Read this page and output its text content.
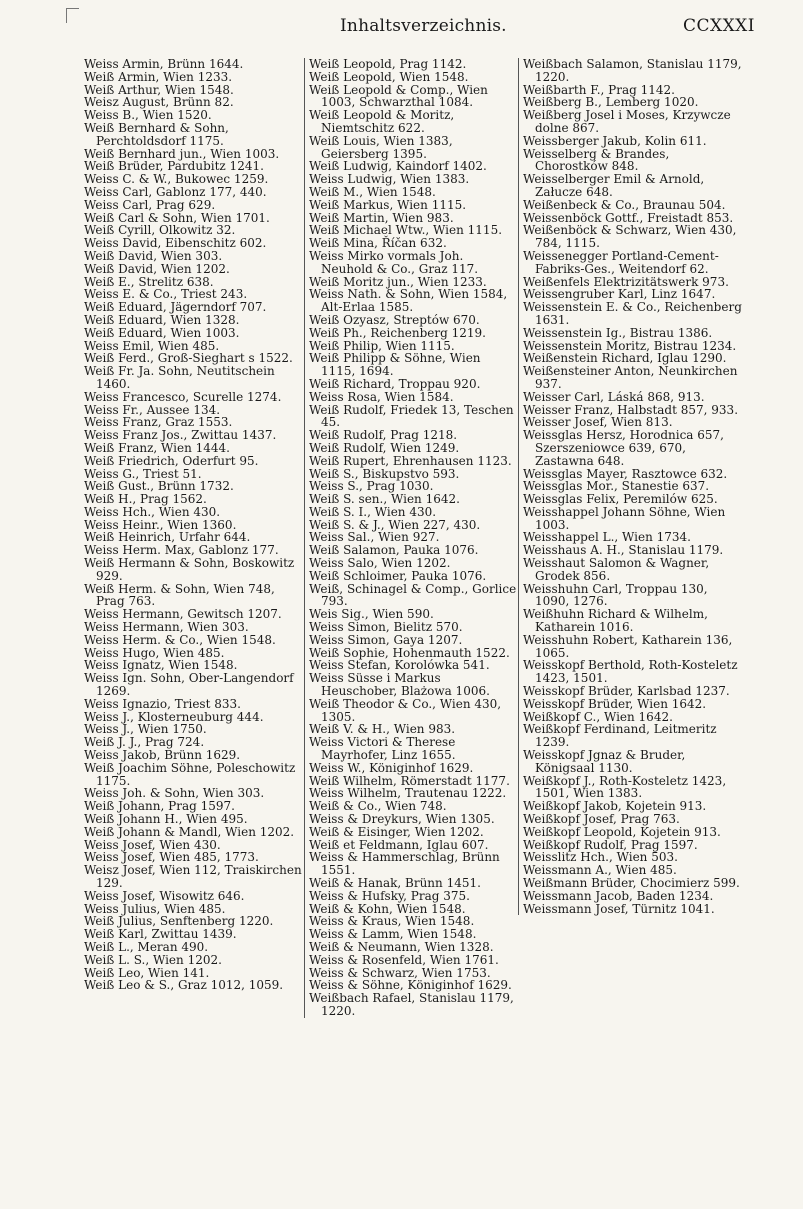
Inhaltsverzeichnis.	CCXXXI

Weiss Armin, Brünn 1644.

Weiß Armin, Wien 1233.

Weiß Arthur, Wien 1548.

Weisz August, Brünn 82.

Weiss B., Wien 1520.

Weiß Bernhard & Sohn, Perchtoldsdorf 1175.

Weiß Bernhard jun., Wien 1003.

Weiß Brüder, Pardubitz 1241.

Weiss C. & W., Bukowec 1259.

Weiss Carl, Gablonz 177, 440.

Weiss Carl, Prag 629.

Weiß Carl & Sohn, Wien 1701.

Weiß Cyrill, Olkowitz 32.

Weiss David, Eibenschitz 602.

Weiß David, Wien 303.

Weiß David, Wien 1202.

Weiß E., Strelitz 638.

Weiss E. & Co., Triest 243.

Weiß Eduard, Jägerndorf 707.

Weiß Eduard, Wien 1328.

Weiß Eduard, Wien 1003.

Weiss Emil, Wien 485.

Weiß Ferd., Groß-Sieghart s 1522.

Weiß Fr. Ja. Sohn, Neutitschein 1460.

Weiss Francesco, Scurelle 1274.

Weiss Fr., Aussee 134.

Weiss Franz, Graz 1553.

Weiss Franz Jos., Zwittau 1437.

Weiß Franz, Wien 1444.

Weiß Friedrich, Oderfurt 95.

Weiss G., Triest 51.

Weiß Gust., Brünn 1732.

Weiß H., Prag 1562.

Weiss Hch., Wien 430.

Weiss Heinr., Wien 1360.

Weiß Heinrich, Urfahr 644.

Weiss Herm. Max, Gablonz 177.

Weiß Hermann & Sohn, Boskowitz 929.

Weiß Herm. & Sohn, Wien 748, Prag 763.

Weiss Hermann, Gewitsch 1207.

Weiss Hermann, Wien 303.

Weiss Herm. & Co., Wien 1548.

Weiss Hugo, Wien 485.

Weiss Ignatz, Wien 1548.

Weiss Ign. Sohn, Ober-Langendorf 1269.

Weiss Ignazio, Triest 833.

Weiss J., Klosterneuburg 444.

Weiss J., Wien 1750.

Weiß J. J., Prag 724.

Weiss Jakob, Brünn 1629.

Weiß Joachim Söhne, Poleschowitz 1175.

Weiss Joh. & Sohn, Wien 303.

Weiß Johann, Prag 1597.

Weiß Johann H., Wien 495.

Weiß Johann & Mandl, Wien 1202.

Weiss Josef, Wien 430.

Weiss Josef, Wien 485, 1773.

Weisz Josef, Wien 112, Traiskirchen 129.

Weiss Josef, Wisowitz 646.

Weiss Julius, Wien 485.

Weiß Julius, Senftenberg 1220.

Weiß Karl, Zwittau 1439.

Weiß L., Meran 490.

Weiß L. S., Wien 1202.

Weiß Leo, Wien 141.

Weiß Leo & S., Graz 1012, 1059.

Weiß Leopold, Prag 1142.

Weiß Leopold, Wien 1548.

Weiß Leopold & Comp., Wien 1003, Schwarzthal 1084.

Weiß Leopold & Moritz, Niemtschitz 622.

Weiß Louis, Wien 1383, Geiersberg 1395.

Weiß Ludwig, Kaindorf 1402.

Weiss Ludwig, Wien 1383.

Weiß M., Wien 1548.

Weiß Markus, Wien 1115.

Weiß Martin, Wien 983.

Weiß Michael Wtw., Wien 1115.

Weiß Mina, Říčan 632.

Weiss Mirko vormals Joh. Neuhold & Co., Graz 117.

Weiß Moritz jun., Wien 1233.

Weiss Nath. & Sohn, Wien 1584, Alt-Erlaa 1585.

Weiß Ozyasz, Streptów 670.

Weiß Ph., Reichenberg 1219.

Weiß Philip, Wien 1115.

Weiß Philipp & Söhne, Wien 1115, 1694.

Weiß Richard, Troppau 920.

Weiss Rosa, Wien 1584.

Weiß Rudolf, Friedek 13, Teschen 45.

Weiß Rudolf, Prag 1218.

Weiß Rudolf, Wien 1249.

Weiß Rupert, Ehrenhausen 1123.

Weiß S., Biskupstvo 593.

Weiss S., Prag 1030.

Weiß S. sen., Wien 1642.

Weiß S. I., Wien 430.

Weiß S. & J., Wien 227, 430.

Weiss Sal., Wien 927.

Weiß Salamon, Pauka 1076.

Weiss Salo, Wien 1202.

Weiß Schloimer, Pauka 1076.

Weiß, Schinagel & Comp., Gorlice 793.

Weis Sig., Wien 590.

Weiss Simon, Bielitz 570.

Weiss Simon, Gaya 1207.

Weiß Sophie, Hohenmauth 1522.

Weiss Stefan, Korolówka 541.

Weiss Süsse i Markus Heuschober, Blażowa 1006.

Weiß Theodor & Co., Wien 430, 1305.

Weiß V. & H., Wien 983.

Weiss Victori & Therese Mayrhofer, Linz 1655.

Weiss W., Königinhof 1629.

Weiß Wilhelm, Römerstadt 1177.

Weiss Wilhelm, Trautenau 1222.

Weiß & Co., Wien 748.

Weiss & Dreykurs, Wien 1305.

Weiß & Eisinger, Wien 1202.

Weiß et Feldmann, Iglau 607.

Weiss & Hammerschlag, Brünn 1551.

Weiß & Hanak, Brünn 1451.

Weiss & Hufsky, Prag 375.

Weiß & Kohn, Wien 1548.

Weiss & Kraus, Wien 1548.

Weiss & Lamm, Wien 1548.

Weiß & Neumann, Wien 1328.

Weiss & Rosenfeld, Wien 1761.

Weiss & Schwarz, Wien 1753.

Weiss & Söhne, Königinhof 1629.

Weißbach Rafael, Stanislau 1179, 1220.

Weißbach Salamon, Stanislau 1179, 1220.

Weißbarth F., Prag 1142.

Weißberg B., Lemberg 1020.

Weißberg Josel i Moses, Krzywcze dolne 867.

Weissberger Jakub, Kolin 611.

Weisselberg & Brandes, Chorostków 848.

Weisselberger Emil & Arnold, Załucze 648.

Weißenbeck & Co., Braunau 504.

Weissenböck Gottf., Freistadt 853.

Weißenböck & Schwarz, Wien 430, 784, 1115.

Weissenegger Portland-Cement-Fabriks-Ges., Weitendorf 62.

Weißenfels Elektrizitätswerk 973.

Weissengruber Karl, Linz 1647.

Weissenstein E. & Co., Reichenberg 1631.

Weissenstein Ig., Bistrau 1386.

Weissenstein Moritz, Bistrau 1234.

Weißenstein Richard, Iglau 1290.

Weißensteiner Anton, Neunkirchen 937.

Weisser Carl, Láská 868, 913.

Weisser Franz, Halbstadt 857, 933.

Weisser Josef, Wien 813.

Weissglas Hersz, Horodnica 657, Szerszeniowce 639, 670, Zastawna 648.

Weissglas Mayer, Rasztowce 632.

Weissglas Mor., Stanestie 637.

Weissglas Felix, Peremilów 625.

Weisshappel Johann Söhne, Wien 1003.

Weisshappel L., Wien 1734.

Weisshaus A. H., Stanislau 1179.

Weisshaut Salomon & Wagner, Grodek 856.

Weisshuhn Carl, Troppau 130, 1090, 1276.

Weißhuhn Richard & Wilhelm, Katharein 1016.

Weisshuhn Robert, Katharein 136, 1065.

Weisskopf Berthold, Roth-Kosteletz 1423, 1501.

Weisskopf Brüder, Karlsbad 1237.

Weisskopf Brüder, Wien 1642.

Weißkopf C., Wien 1642.

Weißkopf Ferdinand, Leitmeritz 1239.

Weisskopf Jgnaz & Bruder, Königsaal 1130.

Weißkopf J., Roth-Kosteletz 1423, 1501, Wien 1383.

Weißkopf Jakob, Kojetein 913.

Weißkopf Josef, Prag 763.

Weißkopf Leopold, Kojetein 913.

Weißkopf Rudolf, Prag 1597.

Weisslitz Hch., Wien 503.

Weissmann A., Wien 485.

Weißmann Brüder, Chocimierz 599.

Weissmann Jacob, Baden 1234.

Weissmann Josef, Türnitz 1041.
